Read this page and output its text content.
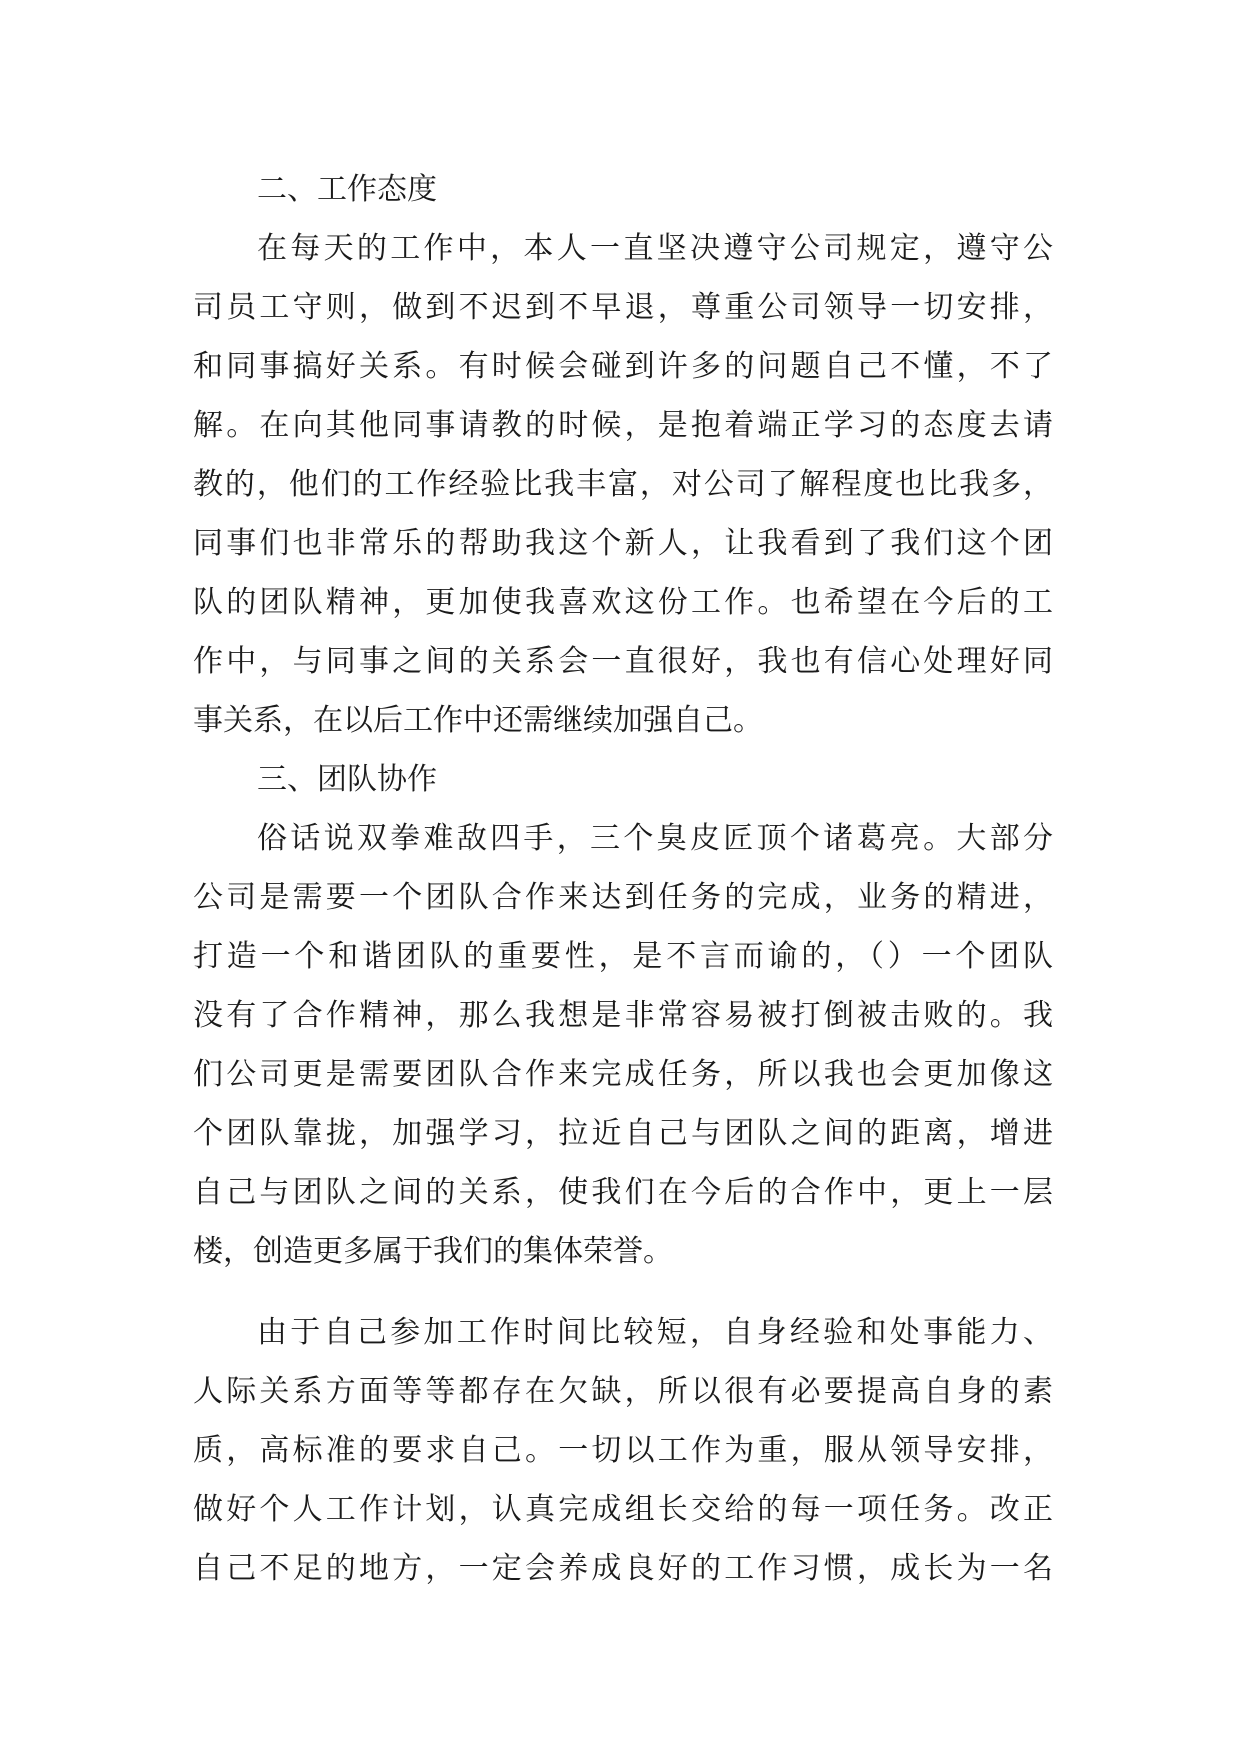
二、工作态度
在每天的工作中，本人一直坚决遵守公司规定，遵守公
司员工守则，做到不迟到不早退，尊重公司领导一切安排，
和同事搞好关系。有时候会碰到许多的问题自己不懂，不了
解。在向其他同事请教的时候，是抱着端正学习的态度去请
教的，他们的工作经验比我丰富，对公司了解程度也比我多，
同事们也非常乐的帮助我这个新人，让我看到了我们这个团
队的团队精神，更加使我喜欢这份工作。也希望在今后的工
作中，与同事之间的关系会一直很好，我也有信心处理好同
事关系，在以后工作中还需继续加强自己。
三、团队协作
俗话说双拳难敌四手，三个臭皮匠顶个诸葛亮。大部分
公司是需要一个团队合作来达到任务的完成，业务的精进，
打造一个和谐团队的重要性，是不言而谕的，（）一个团队
没有了合作精神，那么我想是非常容易被打倒被击败的。我
们公司更是需要团队合作来完成任务，所以我也会更加像这
个团队靠拢，加强学习，拉近自己与团队之间的距离，增进
自己与团队之间的关系，使我们在今后的合作中，更上一层
楼，创造更多属于我们的集体荣誉。
由于自己参加工作时间比较短，自身经验和处事能力、
人际关系方面等等都存在欠缺，所以很有必要提高自身的素
质，高标准的要求自己。一切以工作为重，服从领导安排，
做好个人工作计划，认真完成组长交给的每一项任务。改正
自己不足的地方，一定会养成良好的工作习惯，成长为一名
